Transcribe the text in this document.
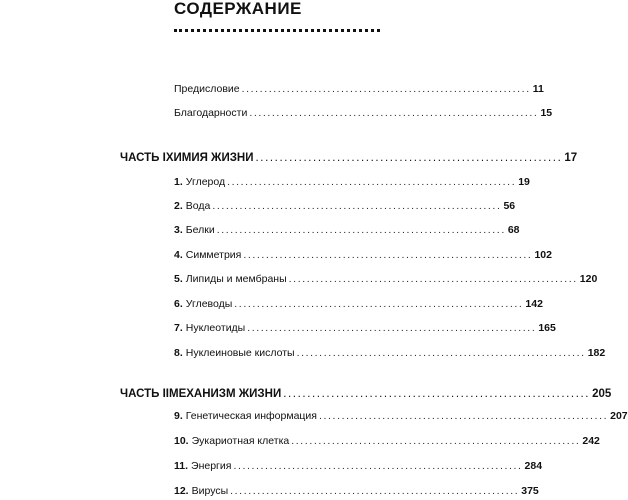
СОДЕРЖАНИЕ
Предисловие ................................................................ 11
Благодарности ................................................................ 15
ЧАСТЬ I ХИМИЯ ЖИЗНИ ................................................................ 17
1. Углерод ................................................................ 19
2. Вода ................................................................ 56
3. Белки ................................................................ 68
4. Симметрия ................................................................ 102
5. Липиды и мембраны ................................................................ 120
6. Углеводы ................................................................ 142
7. Нуклеотиды ................................................................ 165
8. Нуклеиновые кислоты ................................................................ 182
ЧАСТЬ II МЕХАНИЗМ ЖИЗНИ ................................................................ 205
9. Генетическая информация ................................................................ 207
10. Эукариотная клетка ................................................................ 242
11. Энергия ................................................................ 284
12. Вирусы ................................................................ 375
